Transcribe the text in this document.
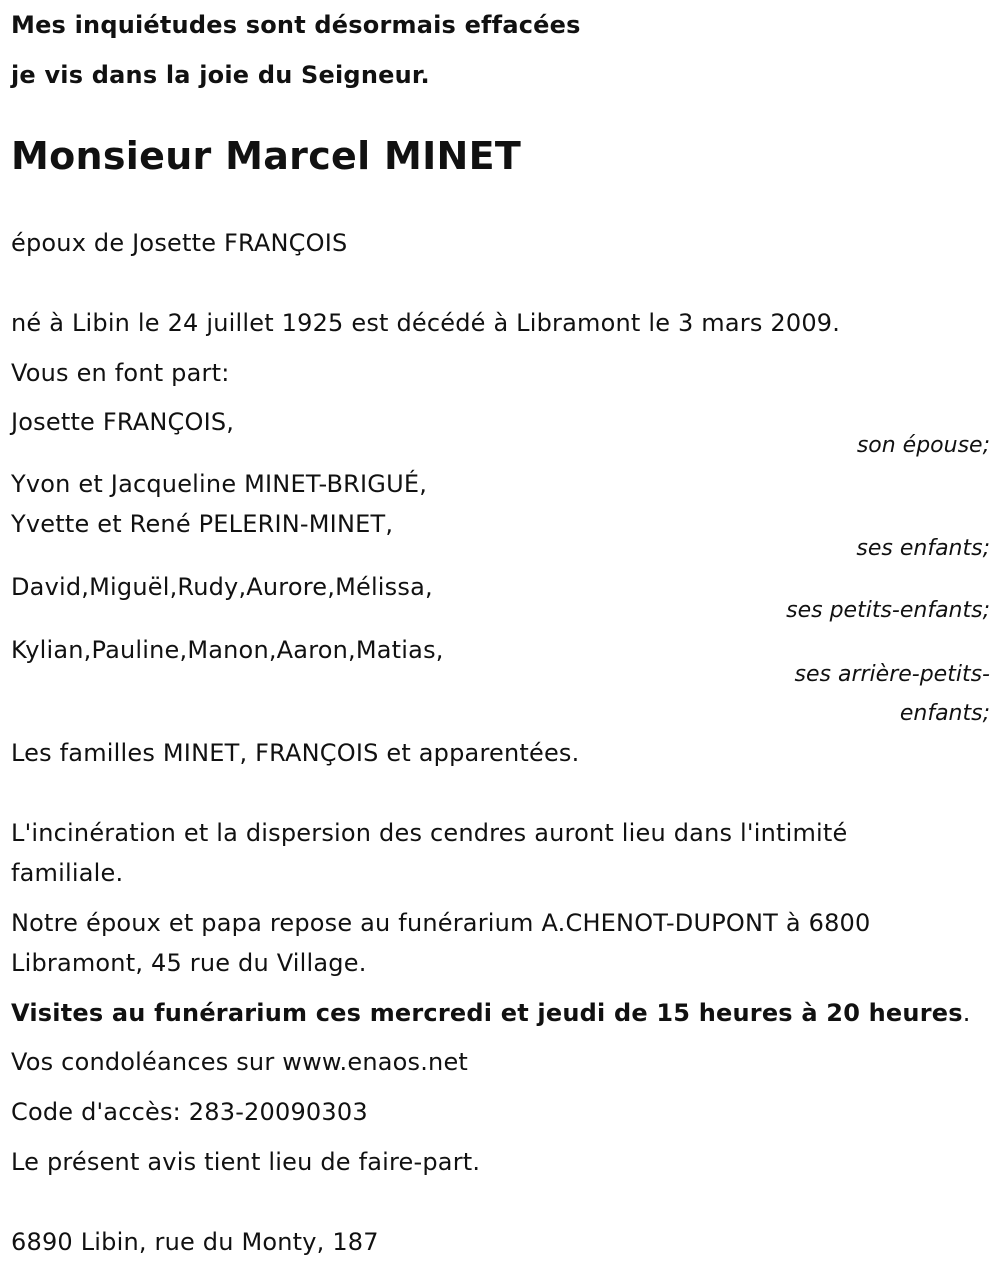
Mes inquiétudes sont désormais effacées

je vis dans la joie du Seigneur.

Monsieur Marcel MINET

époux de Josette FRANÇOIS

né à Libin le 24 juillet 1925 est décédé à Libramont le 3 mars 2009.

Vous en font part:

Josette FRANÇOIS,

son épouse;

Yvon et Jacqueline MINET-BRIGUÉ,

Yvette et René PELERIN-MINET,

ses enfants;

David,Miguël,Rudy,Aurore,Mélissa,

ses petits-enfants;

Kylian,Pauline,Manon,Aaron,Matias,

ses arrière-petits-

enfants;

Les familles MINET, FRANÇOIS et apparentées.

L'incinération et la dispersion des cendres auront lieu dans l'intimité

familiale.

Notre époux et papa repose au funérarium A.CHENOT-DUPONT à 6800

Libramont, 45 rue du Village.

Visites au funérarium ces mercredi et jeudi de 15 heures à 20 heures.

Vos condoléances sur www.enaos.net

Code d'accès: 283-20090303

Le présent avis tient lieu de faire-part.

6890 Libin, rue du Monty, 187
